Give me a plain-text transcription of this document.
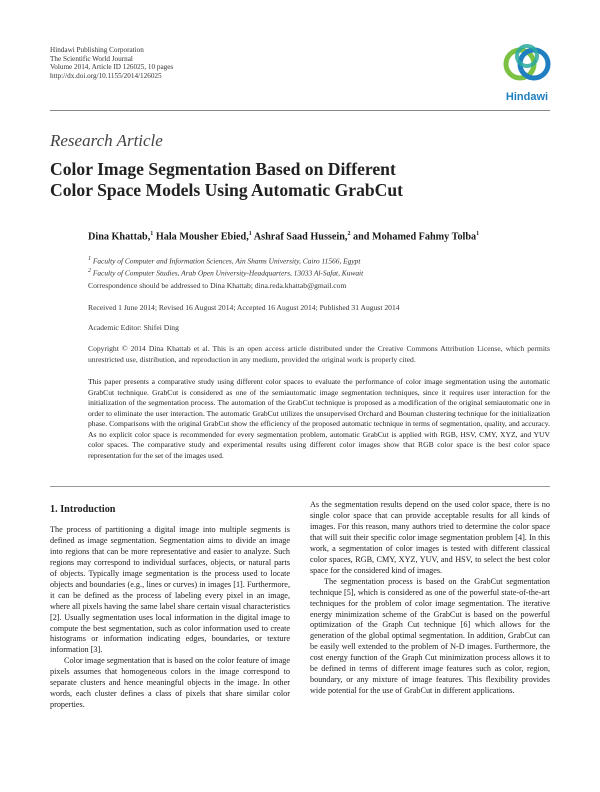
Hindawi Publishing Corporation
The Scientific World Journal
Volume 2014, Article ID 126025, 10 pages
http://dx.doi.org/10.1155/2014/126025
Hindawi
Research Article
Color Image Segmentation Based on Different
Color Space Models Using Automatic GrabCut
Dina Khattab,$^1$ Hala Mousher Ebied,$^1$ Ashraf Saad Hussein,$^2$ and Mohamed Fahmy Tolba$^1$
$^1$ Faculty of Computer and Information Sciences, Ain Shams University, Cairo 11566, Egypt
$^2$ Faculty of Computer Studies, Arab Open University-Headquarters, 13033 Al-Safat, Kuwait
Correspondence should be addressed to Dina Khattab; dina.reda.khattab@gmail.com
Received 1 June 2014; Revised 16 August 2014; Accepted 16 August 2014; Published 31 August 2014
Academic Editor: Shifei Ding
Copyright © 2014 Dina Khattab et al. This is an open access article distributed under the Creative Commons Attribution License, which permits unrestricted use, distribution, and reproduction in any medium, provided the original work is properly cited.
This paper presents a comparative study using different color spaces to evaluate the performance of color image segmentation using the automatic GrabCut technique. GrabCut is considered as one of the semiautomatic image segmentation techniques, since it requires user interaction for the initialization of the segmentation process. The automation of the GrabCut technique is proposed as a modification of the original semiautomatic one in order to eliminate the user interaction. The automatic GrabCut utilizes the unsupervised Orchard and Bouman clustering technique for the initialization phase. Comparisons with the original GrabCut show the efficiency of the proposed automatic technique in terms of segmentation, quality, and accuracy. As no explicit color space is recommended for every segmentation problem, automatic GrabCut is applied with RGB, HSV, CMY, XYZ, and YUV color spaces. The comparative study and experimental results using different color images show that RGB color space is the best color space representation for the set of the images used.

1. Introduction

The process of partitioning a digital image into multiple segments is defined as image segmentation. Segmentation aims to divide an image into regions that can be more representative and easier to analyze. Such regions may correspond to individual surfaces, objects, or natural parts of objects. Typically image segmentation is the process used to locate objects and boundaries (e.g., lines or curves) in images [1]. Furthermore, it can be defined as the process of labeling every pixel in an image, where all pixels having the same label share certain visual characteristics [2]. Usually segmentation uses local information in the digital image to compute the best segmentation, such as color information used to create histograms or information indicating edges, boundaries, or texture information [3].

Color image segmentation that is based on the color feature of image pixels assumes that homogeneous colors in the image correspond to separate clusters and hence meaningful objects in the image. In other words, each cluster defines a class of pixels that share similar color properties.

As the segmentation results depend on the used color space, there is no single color space that can provide acceptable results for all kinds of images. For this reason, many authors tried to determine the color space that will suit their specific color image segmentation problem [4]. In this work, a segmentation of color images is tested with different classical color spaces, RGB, CMY, XYZ, YUV, and HSV, to select the best color space for the considered kind of images.

The segmentation process is based on the GrabCut segmentation technique [5], which is considered as one of the powerful state-of-the-art techniques for the problem of color image segmentation. The iterative energy minimization scheme of the GrabCut is based on the powerful optimization of the Graph Cut technique [6] which allows for the generation of the global optimal segmentation. In addition, GrabCut can be easily well extended to the problem of N-D images. Furthermore, the cost energy function of the Graph Cut minimization process allows it to be defined in terms of different image features such as color, region, boundary, or any mixture of image features. This flexibility provides wide potential for the use of GrabCut in different applications.
